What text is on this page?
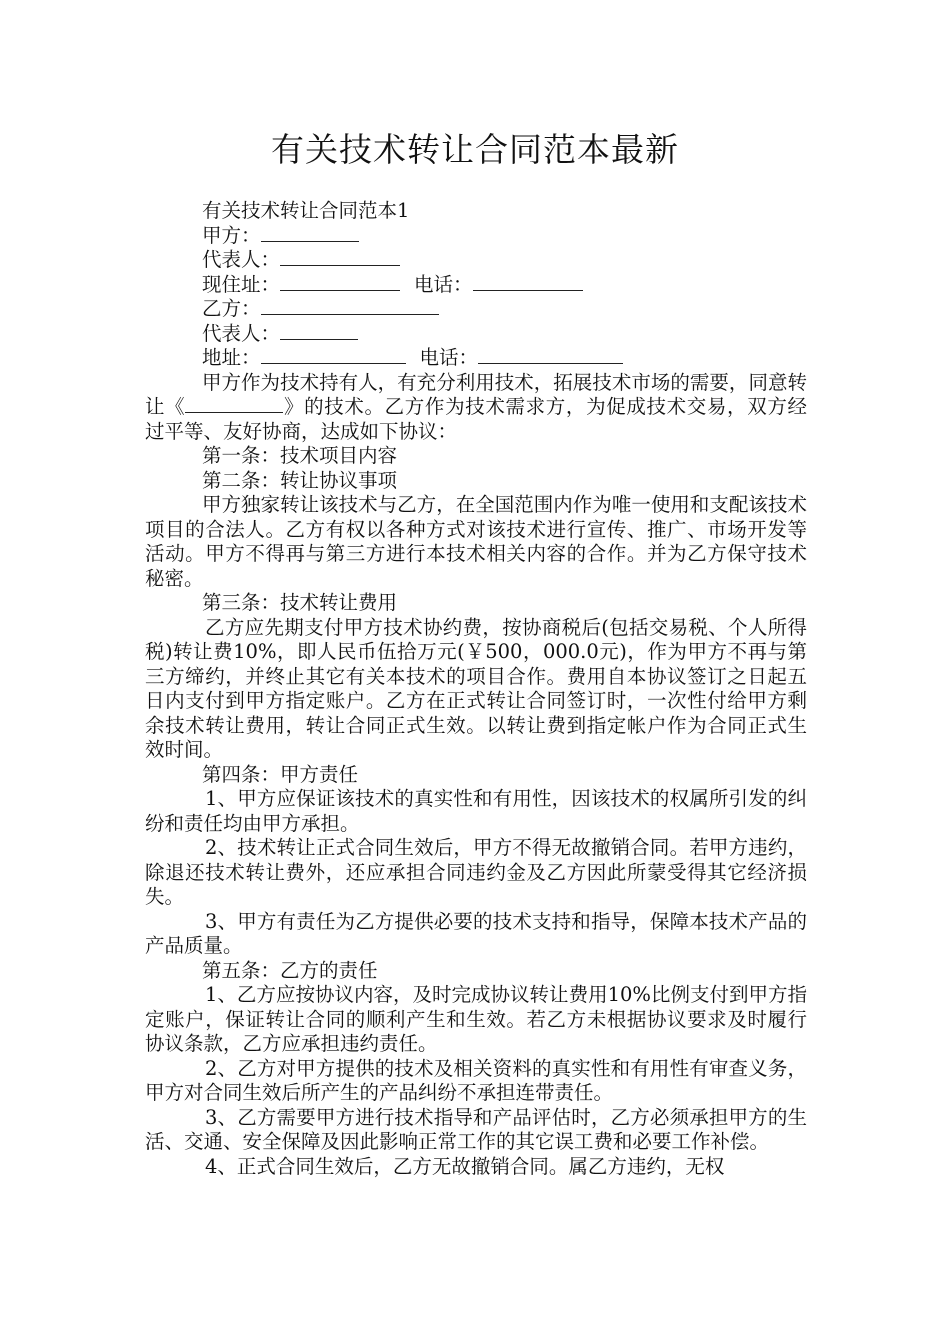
有关技术转让合同范本最新

有关技术转让合同范本1

甲方：

代表人：

现住址：	电话：

乙方：

代表人：

地址：	电话：

甲方作为技术持有人，有充分利用技术，拓展技术市场的需要，同意转让《	》的技术。乙方作为技术需求方，为促成技术交易，双方经过平等、友好协商，达成如下协议：

第一条：技术项目内容

第二条：转让协议事项

甲方独家转让该技术与乙方，在全国范围内作为唯一使用和支配该技术项目的合法人。乙方有权以各种方式对该技术进行宣传、推广、市场开发等活动。甲方不得再与第三方进行本技术相关内容的合作。并为乙方保守技术秘密。

第三条：技术转让费用

乙方应先期支付甲方技术协约费，按协商税后(包括交易税、个人所得税)转让费10%，即人民币伍拾万元(￥500，000.0元)，作为甲方不再与第三方缔约，并终止其它有关本技术的项目合作。费用自本协议签订之日起五日内支付到甲方指定账户。乙方在正式转让合同签订时，一次性付给甲方剩余技术转让费用，转让合同正式生效。以转让费到指定帐户作为合同正式生效时间。

第四条：甲方责任

1、甲方应保证该技术的真实性和有用性，因该技术的权属所引发的纠纷和责任均由甲方承担。

2、技术转让正式合同生效后，甲方不得无故撤销合同。若甲方违约，除退还技术转让费外，还应承担合同违约金及乙方因此所蒙受得其它经济损失。

3、甲方有责任为乙方提供必要的技术支持和指导，保障本技术产品的产品质量。

第五条：乙方的责任

1、乙方应按协议内容，及时完成协议转让费用10%比例支付到甲方指定账户，保证转让合同的顺利产生和生效。若乙方未根据协议要求及时履行协议条款，乙方应承担违约责任。

2、乙方对甲方提供的技术及相关资料的真实性和有用性有审查义务，甲方对合同生效后所产生的产品纠纷不承担连带责任。

3、乙方需要甲方进行技术指导和产品评估时，乙方必须承担甲方的生活、交通、安全保障及因此影响正常工作的其它误工费和必要工作补偿。

4、正式合同生效后，乙方无故撤销合同。属乙方违约，无权
